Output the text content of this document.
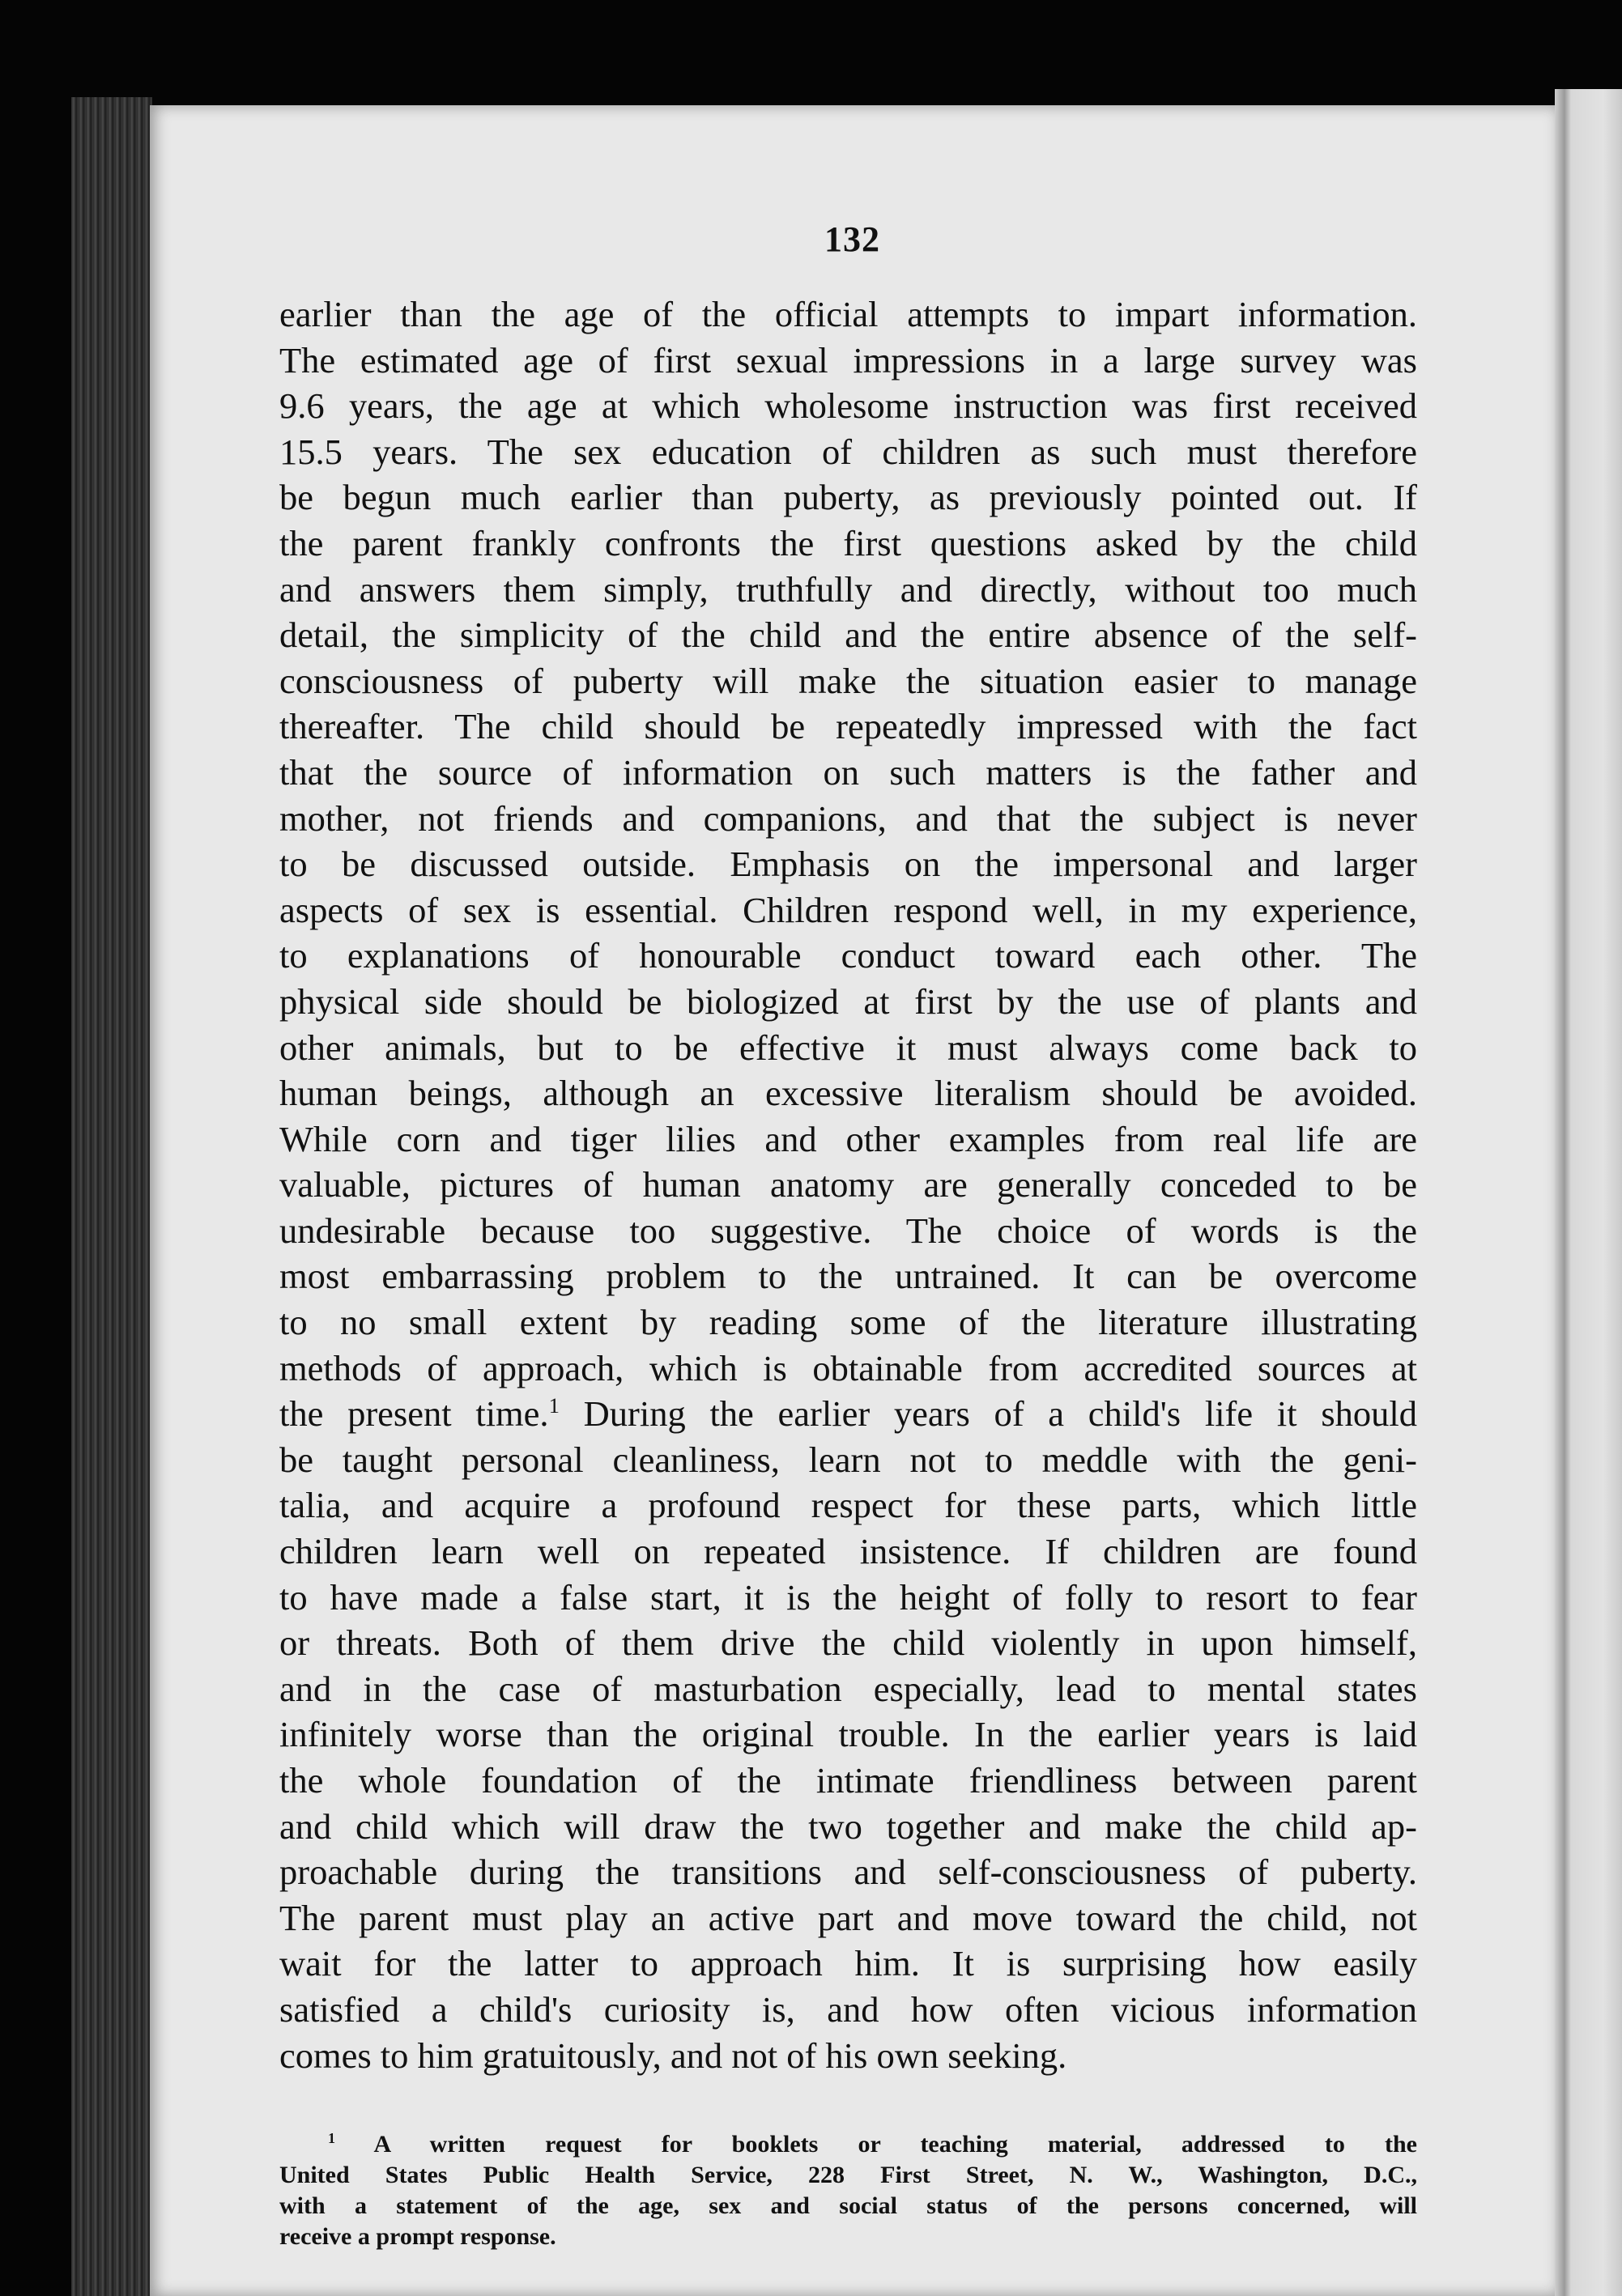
132
earlier than the age of the official attempts to impart information.
The estimated age of first sexual impressions in a large survey was
9.6 years, the age at which wholesome instruction was first received
15.5 years. The sex education of children as such must therefore
be begun much earlier than puberty, as previously pointed out. If
the parent frankly confronts the first questions asked by the child
and answers them simply, truthfully and directly, without too much
detail, the simplicity of the child and the entire absence of the self-
consciousness of puberty will make the situation easier to manage
thereafter. The child should be repeatedly impressed with the fact
that the source of information on such matters is the father and
mother, not friends and companions, and that the subject is never
to be discussed outside. Emphasis on the impersonal and larger
aspects of sex is essential. Children respond well, in my experience,
to explanations of honourable conduct toward each other. The
physical side should be biologized at first by the use of plants and
other animals, but to be effective it must always come back to
human beings, although an excessive literalism should be avoided.
While corn and tiger lilies and other examples from real life are
valuable, pictures of human anatomy are generally conceded to be
undesirable because too suggestive. The choice of words is the
most embarrassing problem to the untrained. It can be overcome
to no small extent by reading some of the literature illustrating
methods of approach, which is obtainable from accredited sources at
the present time.$^1$ During the earlier years of a child's life it should
be taught personal cleanliness, learn not to meddle with the geni-
talia, and acquire a profound respect for these parts, which little
children learn well on repeated insistence. If children are found
to have made a false start, it is the height of folly to resort to fear
or threats. Both of them drive the child violently in upon himself,
and in the case of masturbation especially, lead to mental states
infinitely worse than the original trouble. In the earlier years is laid
the whole foundation of the intimate friendliness between parent
and child which will draw the two together and make the child ap-
proachable during the transitions and self-consciousness of puberty.
The parent must play an active part and move toward the child, not
wait for the latter to approach him. It is surprising how easily
satisfied a child's curiosity is, and how often vicious information
comes to him gratuitously, and not of his own seeking.
$^1$ A written request for booklets or teaching material, addressed to the
United States Public Health Service, 228 First Street, N. W., Washington, D.C.,
with a statement of the age, sex and social status of the persons concerned, will
receive a prompt response.
